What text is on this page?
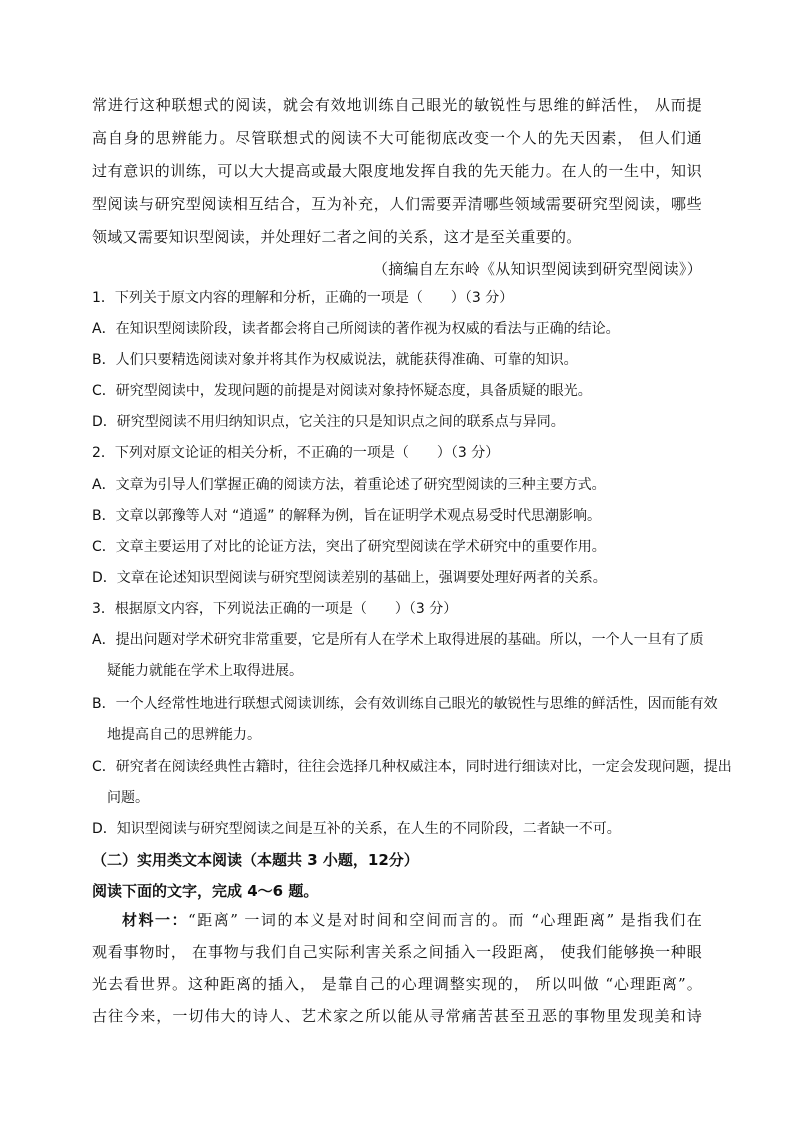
常进行这种联想式的阅读，就会有效地训练自己眼光的敏锐性与思维的鲜活性， 从而提
高自身的思辨能力。尽管联想式的阅读不大可能彻底改变一个人的先天因素， 但人们通
过有意识的训练，可以大大提高或最大限度地发挥自我的先天能力。在人的一生中，知识
型阅读与研究型阅读相互结合，互为补充，人们需要弄清哪些领域需要研究型阅读，哪些
领域又需要知识型阅读，并处理好二者之间的关系，这才是至关重要的。
（摘编自左东岭《从知识型阅读到研究型阅读》）
1．下列关于原文内容的理解和分析，正确的一项是（　　）（3 分）
A．在知识型阅读阶段，读者都会将自己所阅读的著作视为权威的看法与正确的结论。
B．人们只要精选阅读对象并将其作为权威说法，就能获得准确、可靠的知识。
C．研究型阅读中，发现问题的前提是对阅读对象持怀疑态度，具备质疑的眼光。
D．研究型阅读不用归纳知识点，它关注的只是知识点之间的联系点与异同。
2．下列对原文论证的相关分析，不正确的一项是（　　）（3 分）
A．文章为引导人们掌握正确的阅读方法，着重论述了研究型阅读的三种主要方式。
B．文章以郭豫等人对 “逍遥” 的解释为例，旨在证明学术观点易受时代思潮影响。
C．文章主要运用了对比的论证方法，突出了研究型阅读在学术研究中的重要作用。
D．文章在论述知识型阅读与研究型阅读差别的基础上，强调要处理好两者的关系。
3．根据原文内容，下列说法正确的一项是（　　）（3 分）
A．提出问题对学术研究非常重要，它是所有人在学术上取得进展的基础。所以，一个人一旦有了质
疑能力就能在学术上取得进展。
B．一个人经常性地进行联想式阅读训练，会有效训练自己眼光的敏锐性与思维的鲜活性，因而能有效
地提高自己的思辨能力。
C．研究者在阅读经典性古籍时，往往会选择几种权威注本，同时进行细读对比，一定会发现问题，提出
问题。
D．知识型阅读与研究型阅读之间是互补的关系，在人生的不同阶段，二者缺一不可。
（二）实用类文本阅读（本题共 3 小题，12分）
阅读下面的文字，完成 4～6 题。
材料一：“距离” 一词的本义是对时间和空间而言的。而 “心理距离” 是指我们在
观看事物时， 在事物与我们自己实际利害关系之间插入一段距离， 使我们能够换一种眼
光去看世界。这种距离的插入， 是靠自己的心理调整实现的， 所以叫做 “心理距离”。
古往今来，一切伟大的诗人、艺术家之所以能从寻常痛苦甚至丑恶的事物里发现美和诗
